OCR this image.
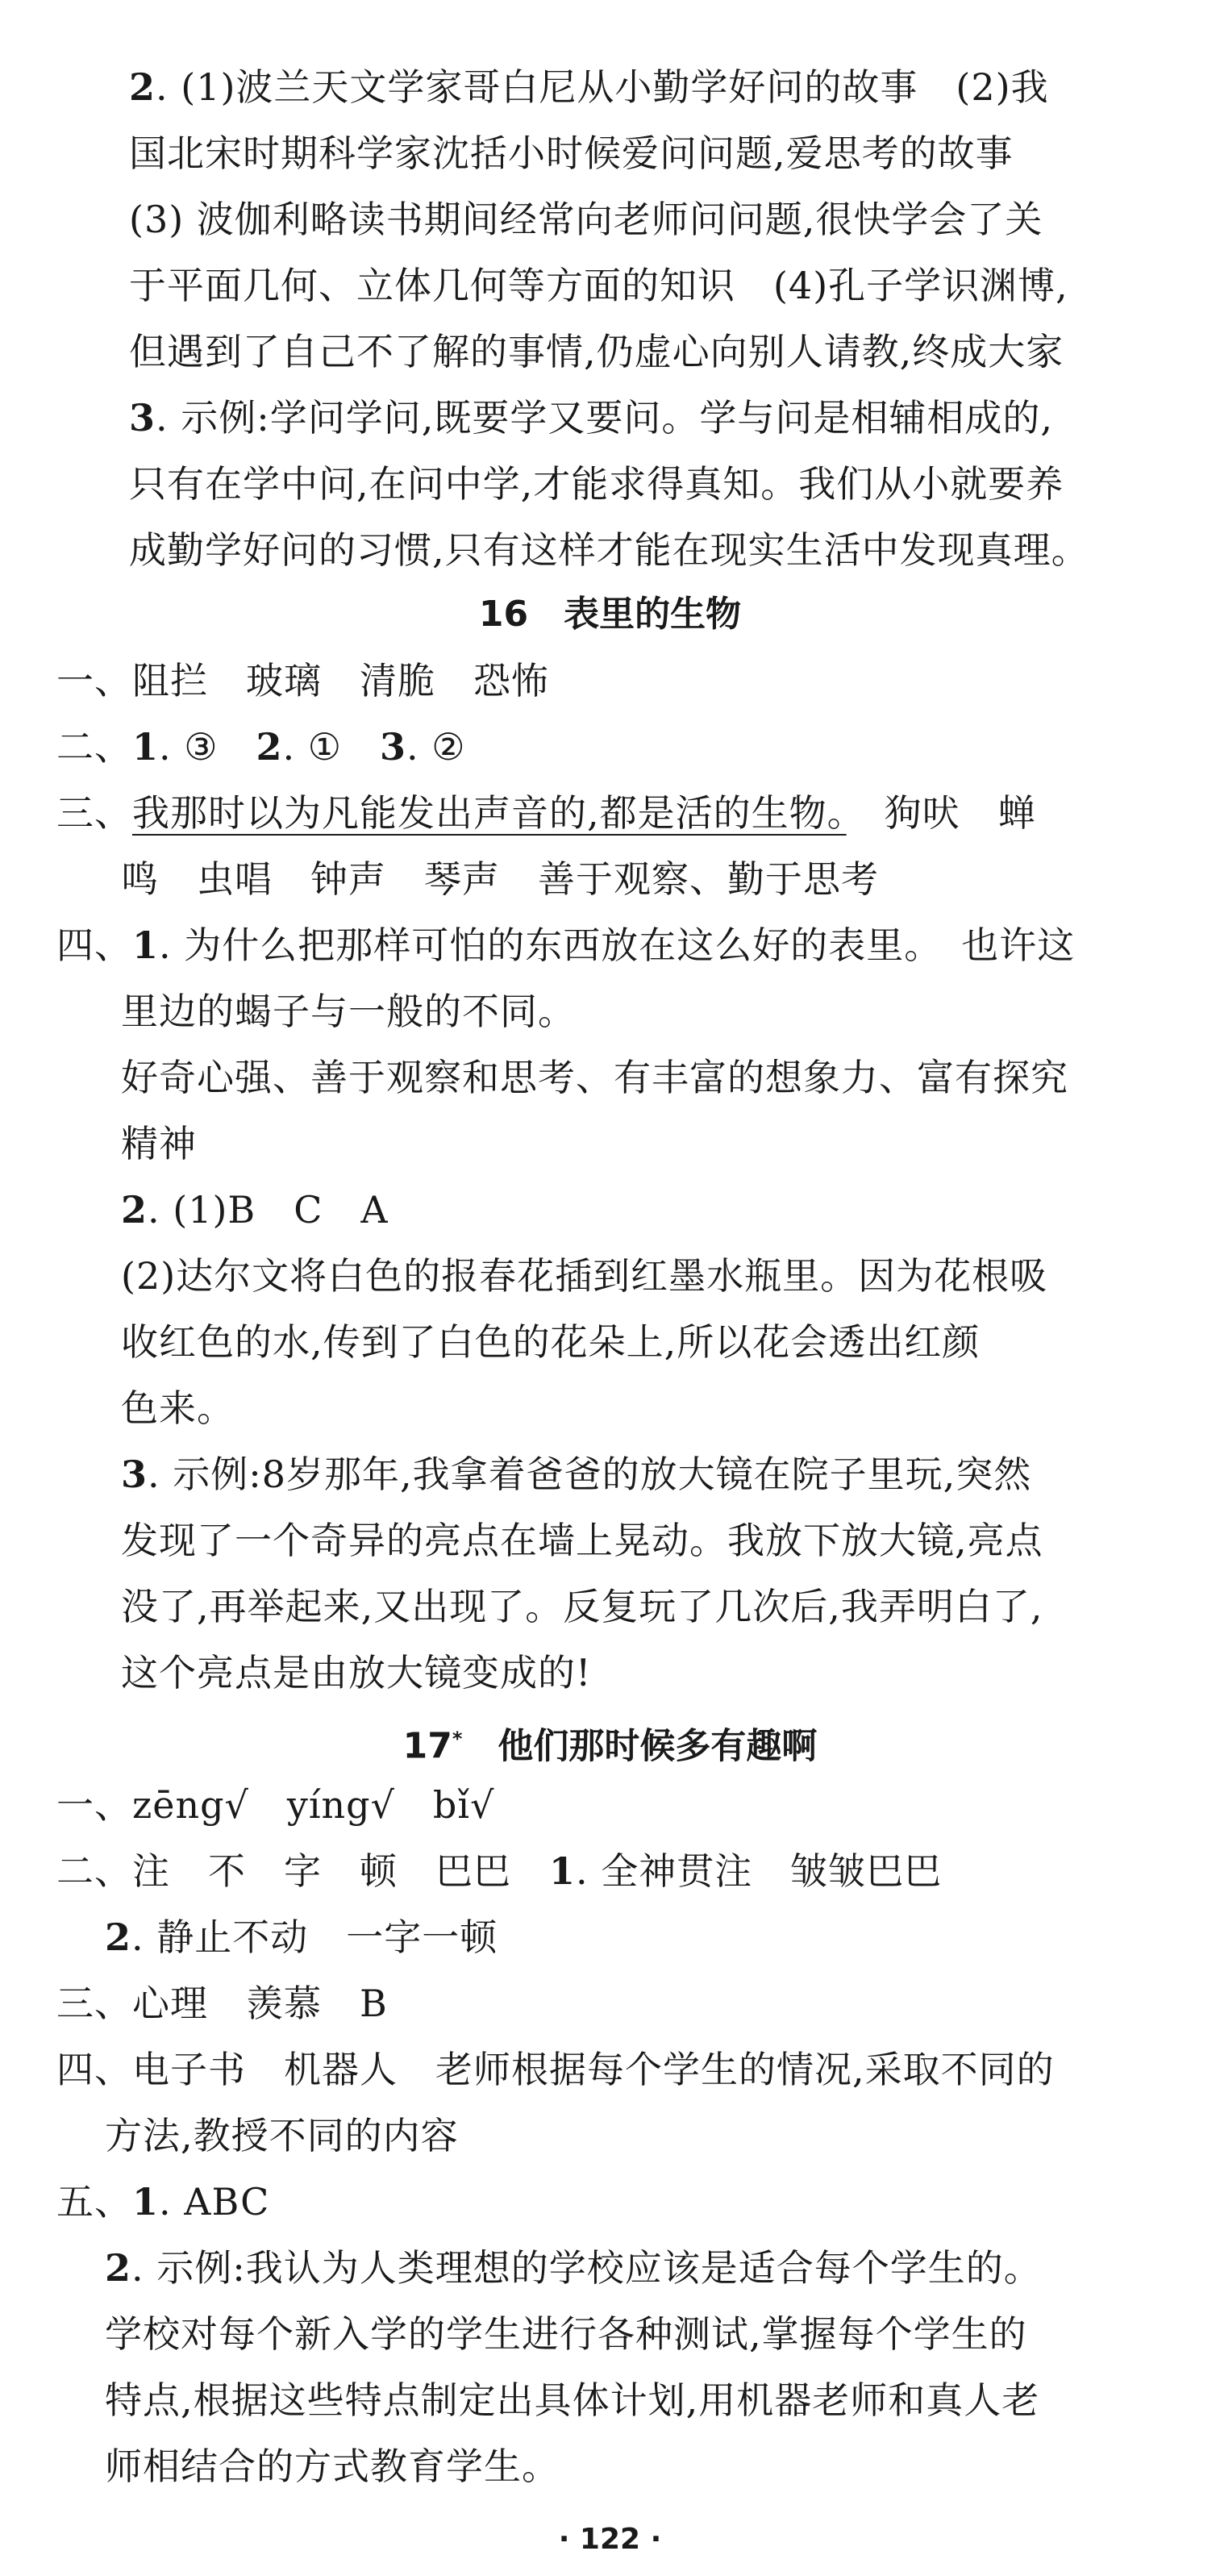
2. (1)波兰天文学家哥白尼从小勤学好问的故事　(2)我
国北宋时期科学家沈括小时候爱问问题,爱思考的故事
(3) 波伽利略读书期间经常向老师问问题,很快学会了关
于平面几何、立体几何等方面的知识　(4)孔子学识渊博,
但遇到了自己不了解的事情,仍虚心向别人请教,终成大家
3. 示例:学问学问,既要学又要问。学与问是相辅相成的,
只有在学中问,在问中学,才能求得真知。我们从小就要养
成勤学好问的习惯,只有这样才能在现实生活中发现真理。
16　表里的生物
一、阻拦　玻璃　清脆　恐怖
二、1. ③　2. ①　3. ②
三、我那时以为凡能发出声音的,都是活的生物。　狗吠　蝉
鸣　虫唱　钟声　琴声　善于观察、勤于思考
四、1. 为什么把那样可怕的东西放在这么好的表里。　也许这
里边的蝎子与一般的不同。
好奇心强、善于观察和思考、有丰富的想象力、富有探究
精神
2. (1)B　C　A
(2)达尔文将白色的报春花插到红墨水瓶里。因为花根吸
收红色的水,传到了白色的花朵上,所以花会透出红颜
色来。
3. 示例:8岁那年,我拿着爸爸的放大镜在院子里玩,突然
发现了一个奇异的亮点在墙上晃动。我放下放大镜,亮点
没了,再举起来,又出现了。反复玩了几次后,我弄明白了,
这个亮点是由放大镜变成的!
17*　他们那时候多有趣啊
一、zēng√　yíng√　bǐ√
二、注　不　字　顿　巴巴　1. 全神贯注　皱皱巴巴
2. 静止不动　一字一顿
三、心理　羡慕　B
四、电子书　机器人　老师根据每个学生的情况,采取不同的
方法,教授不同的内容
五、1. ABC
2. 示例:我认为人类理想的学校应该是适合每个学生的。
学校对每个新入学的学生进行各种测试,掌握每个学生的
特点,根据这些特点制定出具体计划,用机器老师和真人老
师相结合的方式教育学生。
· 122 ·
